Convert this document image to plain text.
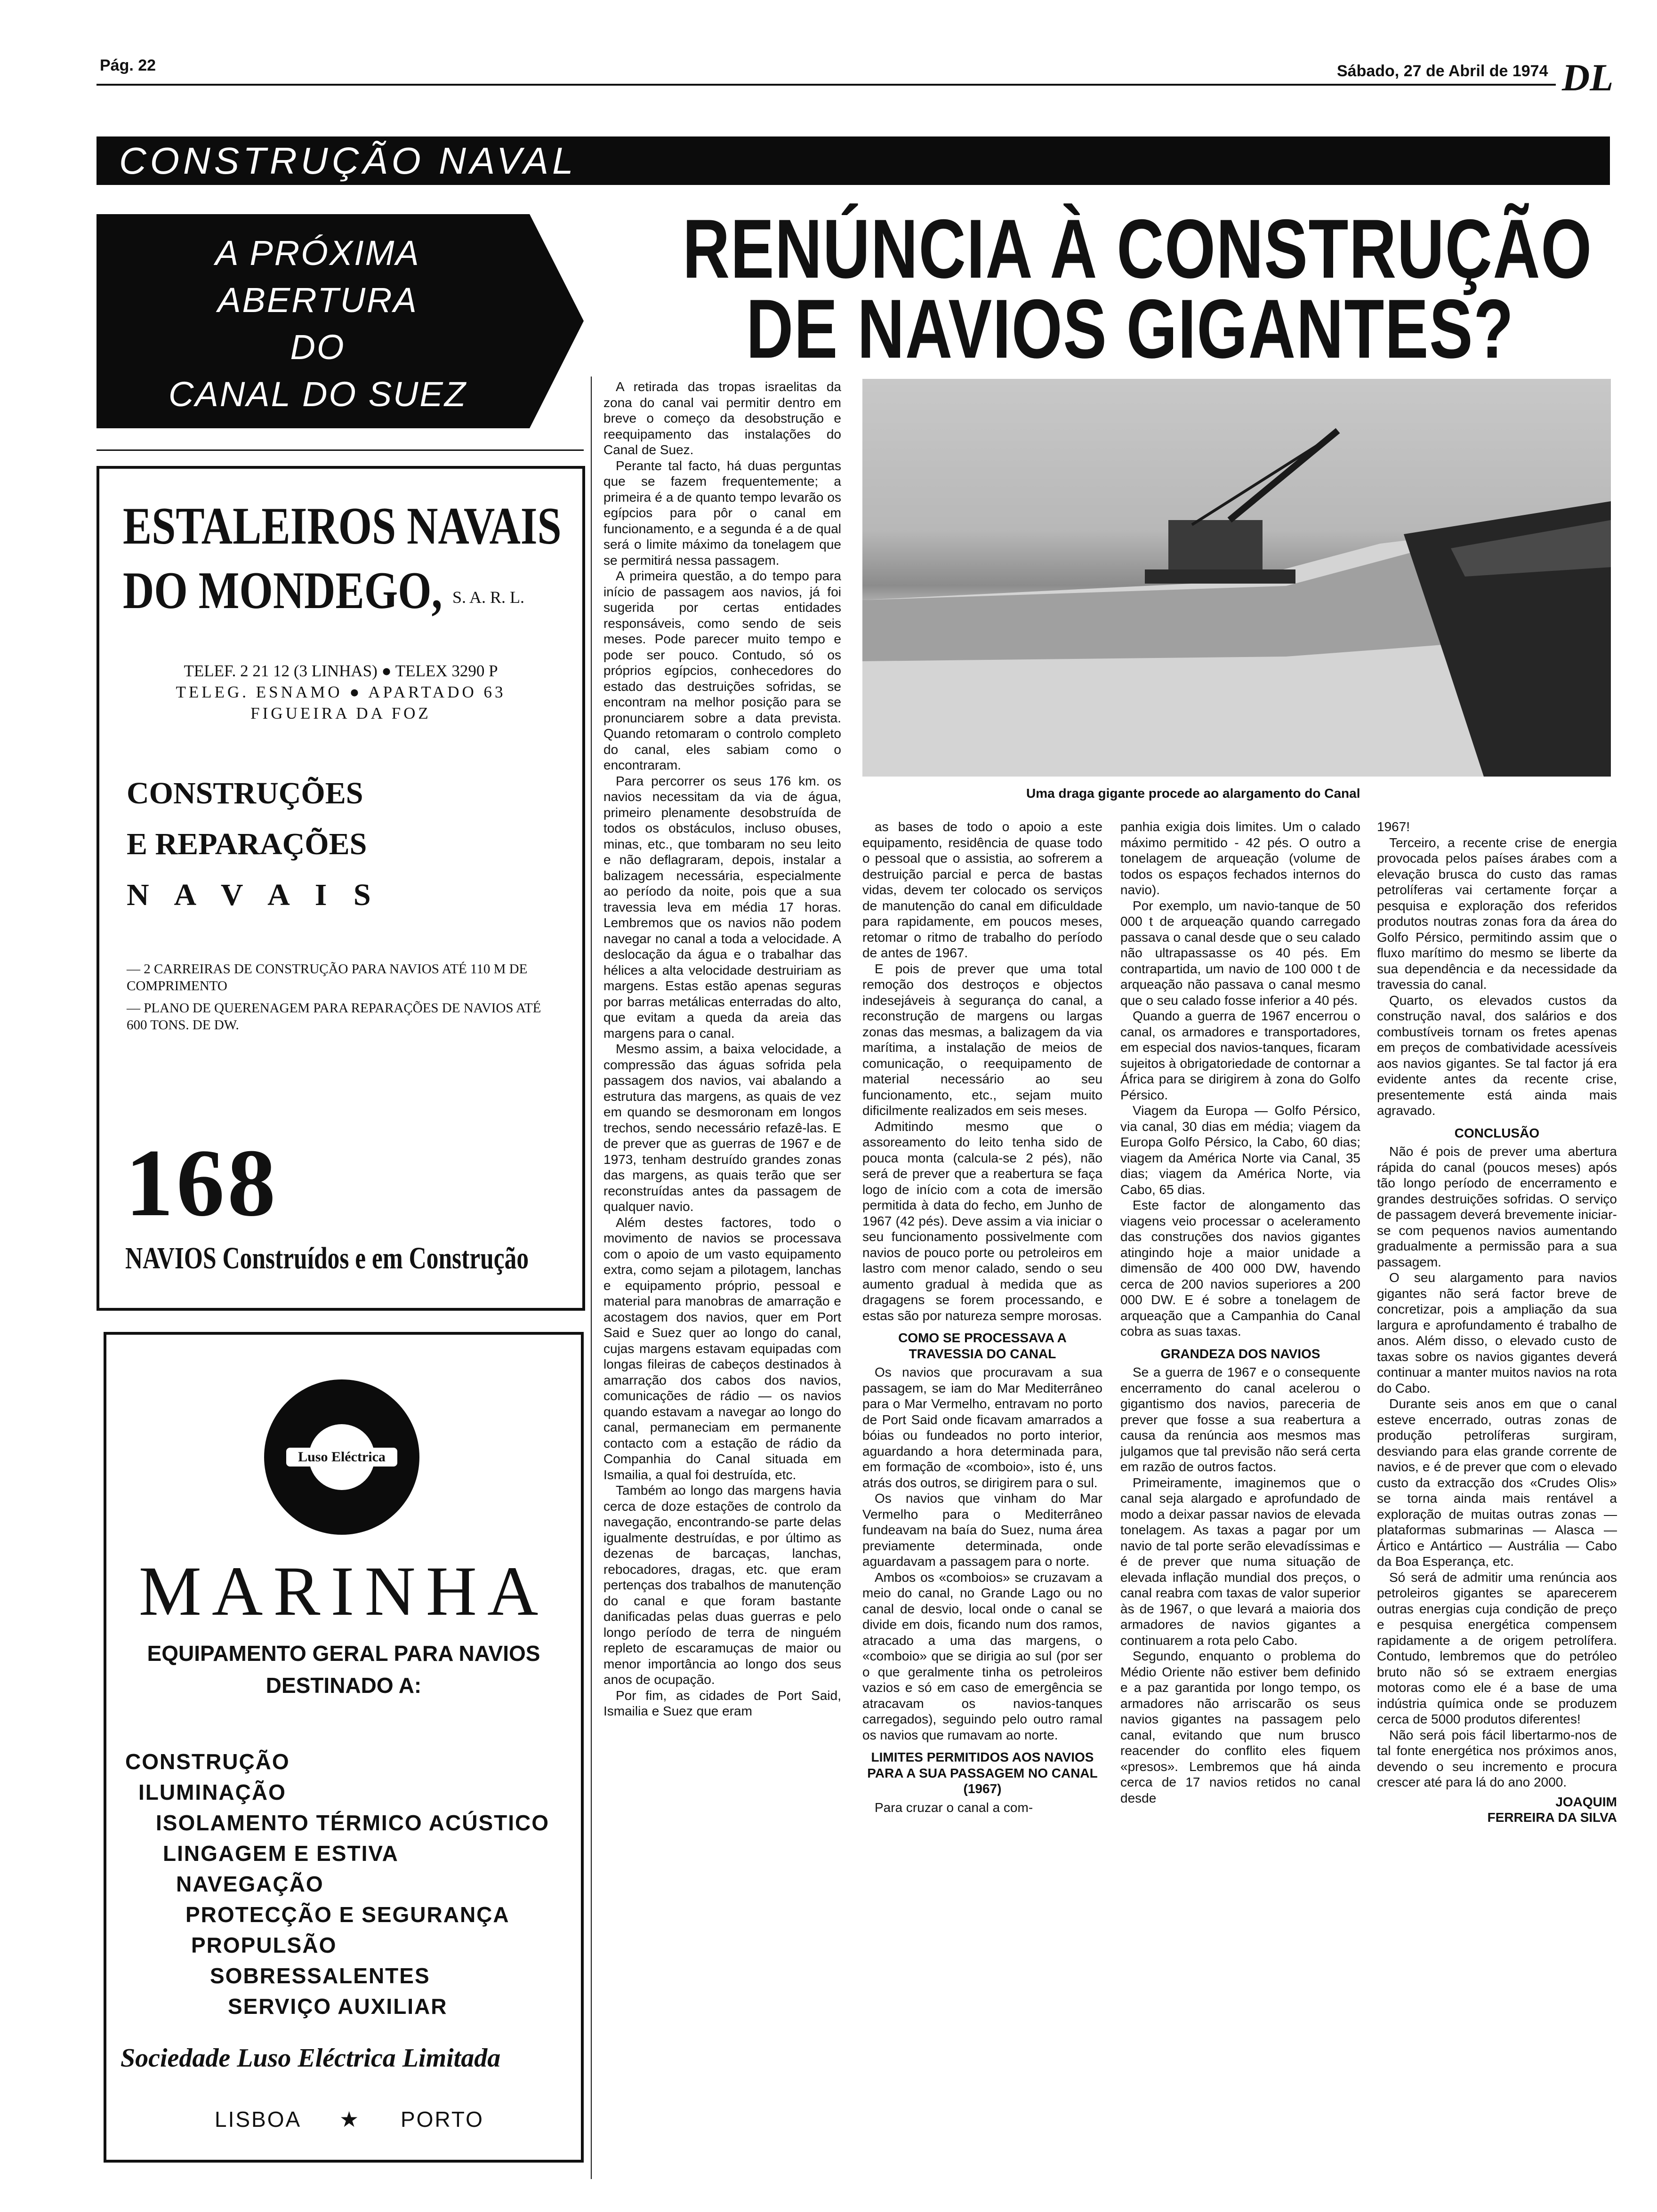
Pág. 22	Sábado, 27 de Abril de 1974 DL
CONSTRUÇÃO NAVAL
A PRÓXIMA
ABERTURA
DO
CANAL DO SUEZ
RENÚNCIA À CONSTRUÇÃO
DE NAVIOS GIGANTES?
ESTALEIROS NAVAIS
DO MONDEGO, S. A. R. L.
TELEF. 2 21 12 (3 LINHAS) ● TELEX 3290 P
TELEG. ESNAMO ● APARTADO 63
FIGUEIRA DA FOZ
CONSTRUÇÕES
E REPARAÇÕES
N A V A I S
— 2 CARREIRAS DE CONSTRUÇÃO PARA NAVIOS ATÉ 110 M DE COMPRIMENTO
— PLANO DE QUERENAGEM PARA REPARAÇÕES DE NAVIOS ATÉ 600 TONS. DE DW.
168
NAVIOS Construídos e em Construção
Luso Eléctrica
MARINHA
EQUIPAMENTO GERAL PARA NAVIOS
DESTINADO A:
CONSTRUÇÃO
ILUMINAÇÃO
ISOLAMENTO TÉRMICO ACÚSTICO
LINGAGEM E ESTIVA
NAVEGAÇÃO
PROTECÇÃO E SEGURANÇA
PROPULSÃO
SOBRESSALENTES
SERVIÇO AUXILIAR
Sociedade Luso Eléctrica Limitada
LISBOA ★ PORTO
Uma draga gigante procede ao alargamento do Canal

A retirada das tropas israelitas da zona do canal vai permitir dentro em breve o começo da desobstrução e reequipamento das instalações do Canal de Suez.

Perante tal facto, há duas perguntas que se fazem frequentemente; a primeira é a de quanto tempo levarão os egípcios para pôr o canal em funcionamento, e a segunda é a de qual será o limite máximo da tonelagem que se permitirá nessa passagem.

A primeira questão, a do tempo para início de passagem aos navios, já foi sugerida por certas entidades responsáveis, como sendo de seis meses. Pode parecer muito tempo e pode ser pouco. Contudo, só os próprios egípcios, conhecedores do estado das destruições sofridas, se encontram na melhor posição para se pronunciarem sobre a data prevista. Quando retomaram o controlo completo do canal, eles sabiam como o encontraram.

Para percorrer os seus 176 km. os navios necessitam da via de água, primeiro plenamente desobstruída de todos os obstáculos, incluso obuses, minas, etc., que tombaram no seu leito e não deflagraram, depois, instalar a balizagem necessária, especialmente ao período da noite, pois que a sua travessia leva em média 17 horas. Lembremos que os navios não podem navegar no canal a toda a velocidade. A deslocação da água e o trabalhar das hélices a alta velocidade destruiriam as margens. Estas estão apenas seguras por barras metálicas enterradas do alto, que evitam a queda da areia das margens para o canal.

Mesmo assim, a baixa velocidade, a compressão das águas sofrida pela passagem dos navios, vai abalando a estrutura das margens, as quais de vez em quando se desmoronam em longos trechos, sendo necessário refazê-las. E de prever que as guerras de 1967 e de 1973, tenham destruído grandes zonas das margens, as quais terão que ser reconstruídas antes da passagem de qualquer navio.

Além destes factores, todo o movimento de navios se processava com o apoio de um vasto equipamento extra, como sejam a pilotagem, lanchas e equipamento próprio, pessoal e material para manobras de amarração e acostagem dos navios, quer em Port Said e Suez quer ao longo do canal, cujas margens estavam equipadas com longas fileiras de cabeços destinados à amarração dos cabos dos navios, comunicações de rádio — os navios quando estavam a navegar ao longo do canal, permaneciam em permanente contacto com a estação de rádio da Companhia do Canal situada em Ismailia, a qual foi destruída, etc.

Também ao longo das margens havia cerca de doze estações de controlo da navegação, encontrando-se parte delas igualmente destruídas, e por último as dezenas de barcaças, lanchas, rebocadores, dragas, etc. que eram pertenças dos trabalhos de manutenção do canal e que foram bastante danificadas pelas duas guerras e pelo longo período de terra de ninguém repleto de escaramuças de maior ou menor importância ao longo dos seus anos de ocupação.

Por fim, as cidades de Port Said, Ismailia e Suez que eram

as bases de todo o apoio a este equipamento, residência de quase todo o pessoal que o assistia, ao sofrerem a destruição parcial e perca de bastas vidas, devem ter colocado os serviços de manutenção do canal em dificuldade para rapidamente, em poucos meses, retomar o ritmo de trabalho do período de antes de 1967.

E pois de prever que uma total remoção dos destroços e objectos indesejáveis à segurança do canal, a reconstrução de margens ou largas zonas das mesmas, a balizagem da via marítima, a instalação de meios de comunicação, o reequipamento de material necessário ao seu funcionamento, etc., sejam muito dificilmente realizados em seis meses.

Admitindo mesmo que o assoreamento do leito tenha sido de pouca monta (calcula-se 2 pés), não será de prever que a reabertura se faça logo de início com a cota de imersão permitida à data do fecho, em Junho de 1967 (42 pés). Deve assim a via iniciar o seu funcionamento possivelmente com navios de pouco porte ou petroleiros em lastro com menor calado, sendo o seu aumento gradual à medida que as dragagens se forem processando, e estas são por natureza sempre morosas.

COMO SE PROCESSAVA A TRAVESSIA DO CANAL

Os navios que procuravam a sua passagem, se iam do Mar Mediterrâneo para o Mar Vermelho, entravam no porto de Port Said onde ficavam amarrados a bóias ou fundeados no porto interior, aguardando a hora determinada para, em formação de «comboio», isto é, uns atrás dos outros, se dirigirem para o sul.

Os navios que vinham do Mar Vermelho para o Mediterrâneo fundeavam na baía do Suez, numa área previamente determinada, onde aguardavam a passagem para o norte.

Ambos os «comboios» se cruzavam a meio do canal, no Grande Lago ou no canal de desvio, local onde o canal se divide em dois, ficando num dos ramos, atracado a uma das margens, o «comboio» que se dirigia ao sul (por ser o que geralmente tinha os petroleiros vazios e só em caso de emergência se atracavam os navios-tanques carregados), seguindo pelo outro ramal os navios que rumavam ao norte.

LIMITES PERMITIDOS AOS NAVIOS PARA A SUA PASSAGEM NO CANAL (1967)

Para cruzar o canal a com-

panhia exigia dois limites. Um o calado máximo permitido - 42 pés. O outro a tonelagem de arqueação (volume de todos os espaços fechados internos do navio).

Por exemplo, um navio-tanque de 50 000 t de arqueação quando carregado passava o canal desde que o seu calado não ultrapassasse os 40 pés. Em contrapartida, um navio de 100 000 t de arqueação não passava o canal mesmo que o seu calado fosse inferior a 40 pés.

Quando a guerra de 1967 encerrou o canal, os armadores e transportadores, em especial dos navios-tanques, ficaram sujeitos à obrigatoriedade de contornar a África para se dirigirem à zona do Golfo Pérsico.

Viagem da Europa — Golfo Pérsico, via canal, 30 dias em média; viagem da Europa Golfo Pérsico, la Cabo, 60 dias; viagem da América Norte via Canal, 35 dias; viagem da América Norte, via Cabo, 65 dias.

Este factor de alongamento das viagens veio processar o aceleramento das construções dos navios gigantes atingindo hoje a maior unidade a dimensão de 400 000 DW, havendo cerca de 200 navios superiores a 200 000 DW. E é sobre a tonelagem de arqueação que a Campanhia do Canal cobra as suas taxas.

GRANDEZA DOS NAVIOS

Se a guerra de 1967 e o consequente encerramento do canal acelerou o gigantismo dos navios, pareceria de prever que fosse a sua reabertura a causa da renúncia aos mesmos mas julgamos que tal previsão não será certa em razão de outros factos.

Primeiramente, imaginemos que o canal seja alargado e aprofundado de modo a deixar passar navios de elevada tonelagem. As taxas a pagar por um navio de tal porte serão elevadíssimas e é de prever que numa situação de elevada inflação mundial dos preços, o canal reabra com taxas de valor superior às de 1967, o que levará a maioria dos armadores de navios gigantes a continuarem a rota pelo Cabo.

Segundo, enquanto o problema do Médio Oriente não estiver bem definido e a paz garantida por longo tempo, os armadores não arriscarão os seus navios gigantes na passagem pelo canal, evitando que num brusco reacender do conflito eles fiquem «presos». Lembremos que há ainda cerca de 17 navios retidos no canal desde

1967!

Terceiro, a recente crise de energia provocada pelos países árabes com a elevação brusca do custo das ramas petrolíferas vai certamente forçar a pesquisa e exploração dos referidos produtos noutras zonas fora da área do Golfo Pérsico, permitindo assim que o fluxo marítimo do mesmo se liberte da sua dependência e da necessidade da travessia do canal.

Quarto, os elevados custos da construção naval, dos salários e dos combustíveis tornam os fretes apenas em preços de combatividade acessíveis aos navios gigantes. Se tal factor já era evidente antes da recente crise, presentemente está ainda mais agravado.

CONCLUSÃO

Não é pois de prever uma abertura rápida do canal (poucos meses) após tão longo período de encerramento e grandes destruições sofridas. O serviço de passagem deverá brevemente iniciar-se com pequenos navios aumentando gradualmente a permissão para a sua passagem.

O seu alargamento para navios gigantes não será factor breve de concretizar, pois a ampliação da sua largura e aprofundamento é trabalho de anos. Além disso, o elevado custo de taxas sobre os navios gigantes deverá continuar a manter muitos navios na rota do Cabo.

Durante seis anos em que o canal esteve encerrado, outras zonas de produção petrolíferas surgiram, desviando para elas grande corrente de navios, e é de prever que com o elevado custo da extracção dos «Crudes Olis» se torna ainda mais rentável a exploração de muitas outras zonas — plataformas submarinas — Alasca — Ártico e Antártico — Austrália — Cabo da Boa Esperança, etc.

Só será de admitir uma renúncia aos petroleiros gigantes se aparecerem outras energias cuja condição de preço e pesquisa energética compensem rapidamente a de origem petrolífera. Contudo, lembremos que do petróleo bruto não só se extraem energias motoras como ele é a base de uma indústria química onde se produzem cerca de 5000 produtos diferentes!

Não será pois fácil libertarmo-nos de tal fonte energética nos próximos anos, devendo o seu incremento e procura crescer até para lá do ano 2000.

JOAQUIM

FERREIRA DA SILVA
